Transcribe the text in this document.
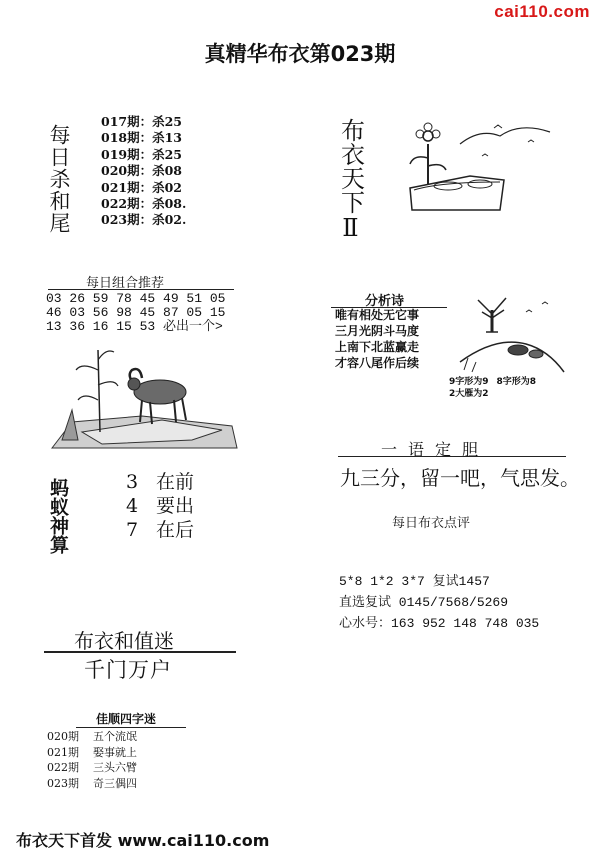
cai110.com
真精华布衣第023期
每日杀和尾
017期：杀25
018期：杀13
019期：杀25
020期：杀08
021期：杀02
022期：杀08.
023期：杀02.
每日组合推荐
03 26 59 78 45 49 51 05
46 03 56 98 45 87 05 15
13 36 16 15 53 必出一个>
蚂蚁神算	3 在前
4 要出
7 在后
布衣和值迷
千门万户
佳顺四字迷
020期 五个流氓
021期 娶事就上
022期 三头六臂
023期 奇三偶四
布衣天下Ⅱ
分析诗
唯有相处无它事
三月光阴斗马度
上南下北蓝赢走
才容八尾作后续
9字形为9 8字形为8
2大雁为2
一语定胆
九三分，留一吧，气思发。
每日布衣点评
5*8 1*2 3*7 复试1457
直选复试 0145/7568/5269
心水号：163 952 148 748 035
布衣天下首发 www.cai110.com
